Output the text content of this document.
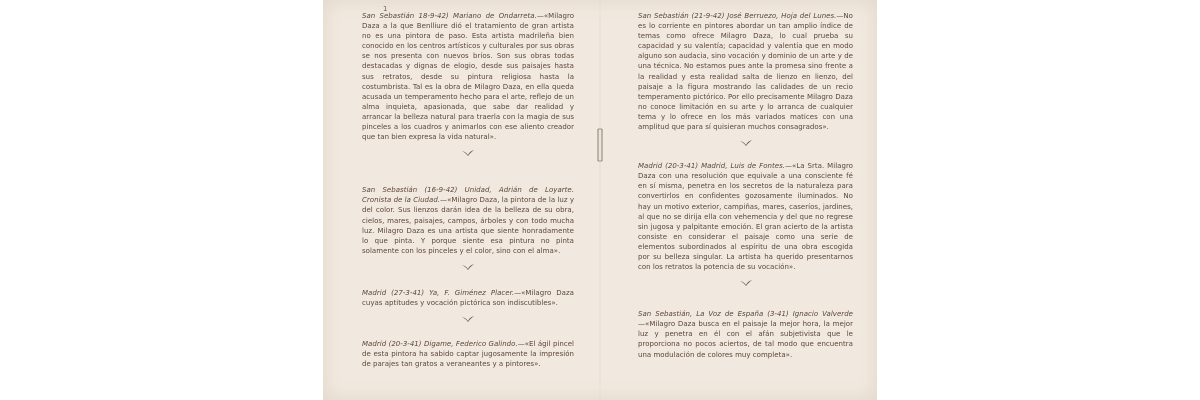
1

San Sebastián 18-9-42) Mariano de Ondarreta.—«Milagro Daza a la que Benlliure dió el tratamiento de gran artista no es una pintora de paso. Esta artista madrileña bien conocido en los centros artísticos y culturales por sus obras se nos presenta con nuevos bríos. Son sus obras todas destacadas y dignas de elogio, desde sus paisajes hasta sus retratos, desde su pintura religiosa hasta la costumbrista. Tal es la obra de Milagro Daza, en ella queda acusada un temperamento hecho para el arte, reflejo de un alma inquieta, apasionada, que sabe dar realidad y arrancar la belleza natural para traerla con la magia de sus pinceles a los cuadros y animarlos con ese aliento creador que tan bien expresa la vida natural».

San Sebastián (16-9-42) Unidad, Adrián de Loyarte. Cronista de la Ciudad.—«Milagro Daza, la pintora de la luz y del color. Sus lienzos darán idea de la belleza de su obra, cielos, mares, paisajes, campos, árboles y con todo mucha luz. Milagro Daza es una artista que siente honradamente lo que pinta. Y porque siente esa pintura no pinta solamente con los pinceles y el color, sino con el alma».

Madrid (27-3-41) Ya, F. Giménez Placer.—«Milagro Daza cuyas aptitudes y vocación pictórica son indiscutibles».

Madrid (20-3-41) Digame, Federico Galindo.—«El ágil pincel de esta pintora ha sabido captar jugosamente la impresión de parajes tan gratos a veraneantes y a pintores».

San Sebastián (21-9-42) José Berruezo, Hoja del Lunes.—No es lo corriente en pintores abordar un tan amplio índice de temas como ofrece Milagro Daza, lo cual prueba su capacidad y su valentía; capacidad y valentía que en modo alguno son audacia, sino vocación y dominio de un arte y de una técnica. No estamos pues ante la promesa sino frente a la realidad y esta realidad salta de lienzo en lienzo, del paisaje a la figura mostrando las calidades de un recio temperamento pictórico. Por ello precisamente Milagro Daza no conoce limitación en su arte y lo arranca de cualquier tema y lo ofrece en los más variados matices con una amplitud que para sí quisieran muchos consagrados».

Madrid (20-3-41) Madrid, Luis de Fontes.—«La Srta. Milagro Daza con una resolución que equivale a una consciente fé en sí misma, penetra en los secretos de la naturaleza para convertirlos en confidentes gozosamente iluminados. No hay un motivo exterior, campiñas, mares, caseríos, jardines, al que no se dirija ella con vehemencia y del que no regrese sin jugosa y palpitante emoción. El gran acierto de la artista consiste en considerar el paisaje como una serie de elementos subordinados al espíritu de una obra escogida por su belleza singular. La artista ha querido presentarnos con los retratos la potencia de su vocación».

San Sebastián, La Voz de España (3-41) Ignacio Valverde—«Milagro Daza busca en el paisaje la mejor hora, la mejor luz y penetra en él con el afán subjetivista que le proporciona no pocos aciertos, de tal modo que encuentra una modulación de colores muy completa».
